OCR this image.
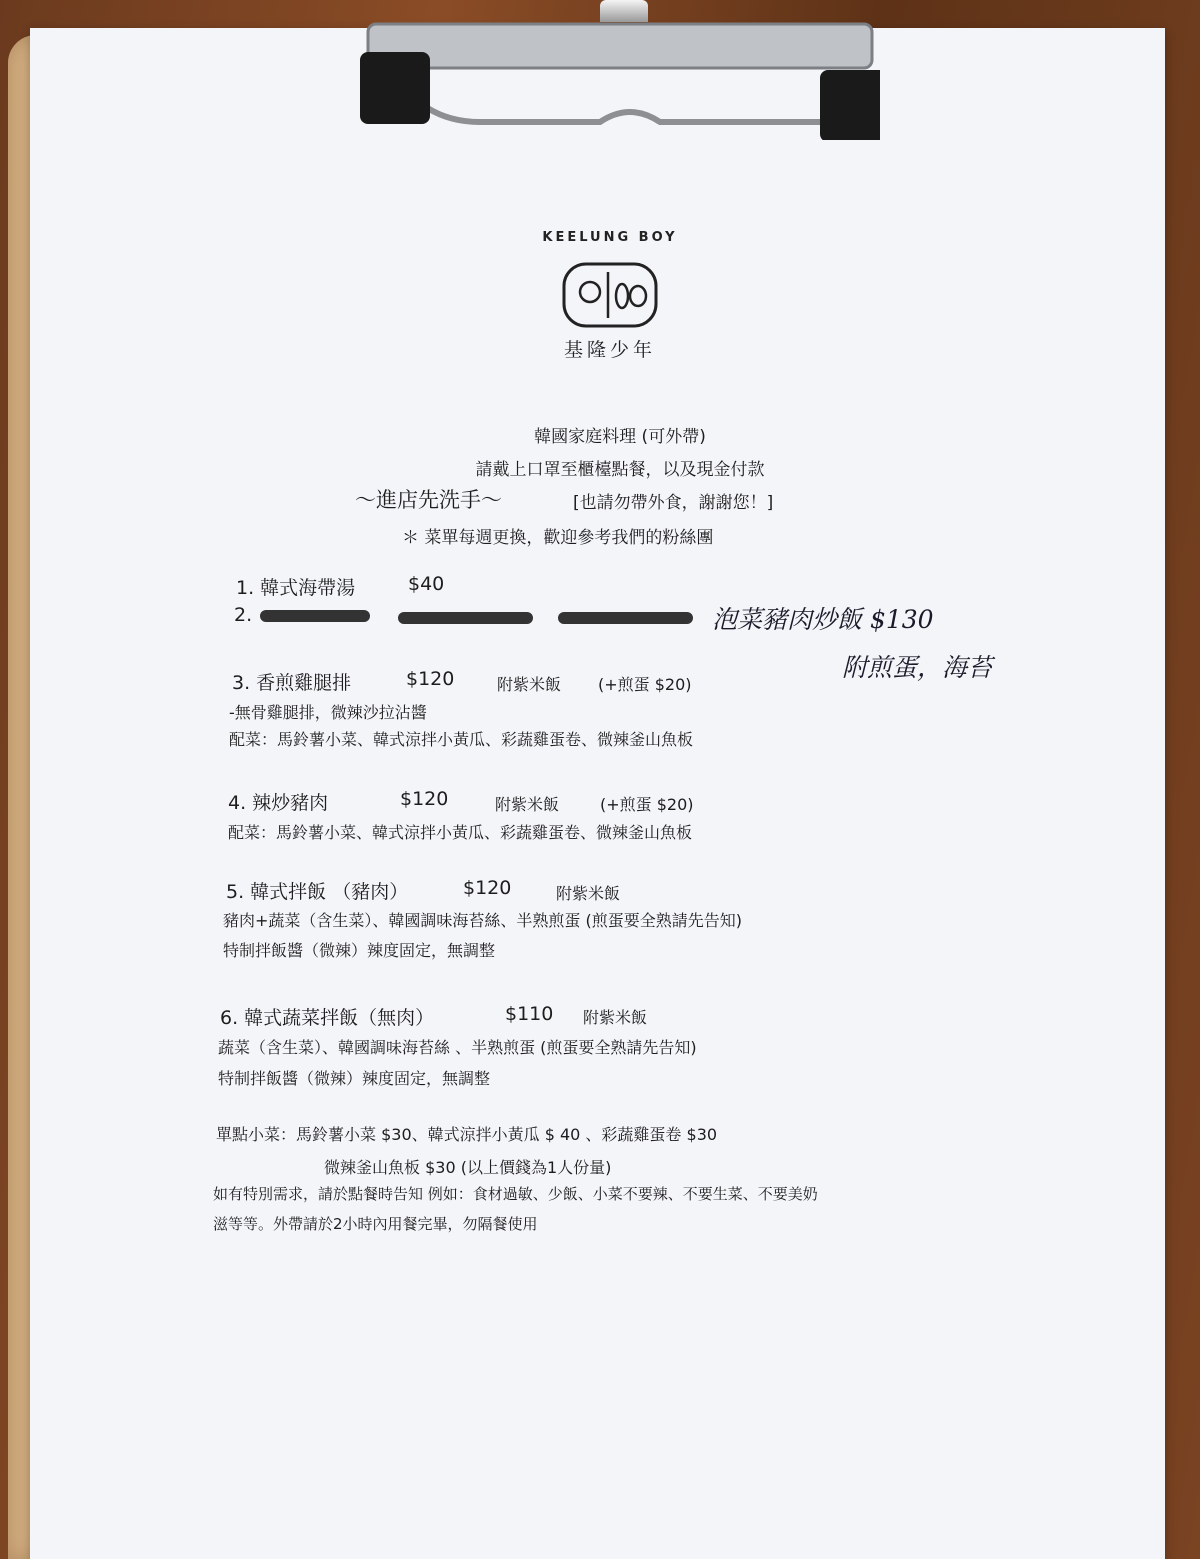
KEELUNG BOY
基隆少年
韓國家庭料理 (可外帶)
請戴上口罩至櫃檯點餐，以及現金付款
～進店先洗手～	[也請勿帶外食，謝謝您！]
＊ 菜單每週更換，歡迎參考我們的粉絲團
1. 韓式海帶湯	$40
2.	泡菜豬肉炒飯 $130
附煎蛋，海苔
3. 香煎雞腿排	$120	附紫米飯 (+煎蛋 $20)
-無骨雞腿排，微辣沙拉沾醬
配菜：馬鈴薯小菜、韓式涼拌小黃瓜、彩蔬雞蛋卷、微辣釜山魚板
4. 辣炒豬肉	$120	附紫米飯	(+煎蛋 $20)
配菜：馬鈴薯小菜、韓式涼拌小黃瓜、彩蔬雞蛋卷、微辣釜山魚板
5. 韓式拌飯 （豬肉）	$120	附紫米飯
豬肉+蔬菜（含生菜）、韓國調味海苔絲、半熟煎蛋 (煎蛋要全熟請先告知)
特制拌飯醬（微辣）辣度固定，無調整
6. 韓式蔬菜拌飯（無肉）	$110 附紫米飯
蔬菜（含生菜）、韓國調味海苔絲 、半熟煎蛋 (煎蛋要全熟請先告知)
特制拌飯醬（微辣）辣度固定，無調整
單點小菜：馬鈴薯小菜 $30、韓式涼拌小黃瓜 $ 40 、彩蔬雞蛋卷 $30
微辣釜山魚板 $30 (以上價錢為1人份量)
如有特別需求，請於點餐時告知 例如：食材過敏、少飯、小菜不要辣、不要生菜、不要美奶
滋等等。外帶請於2小時內用餐完畢，勿隔餐使用
